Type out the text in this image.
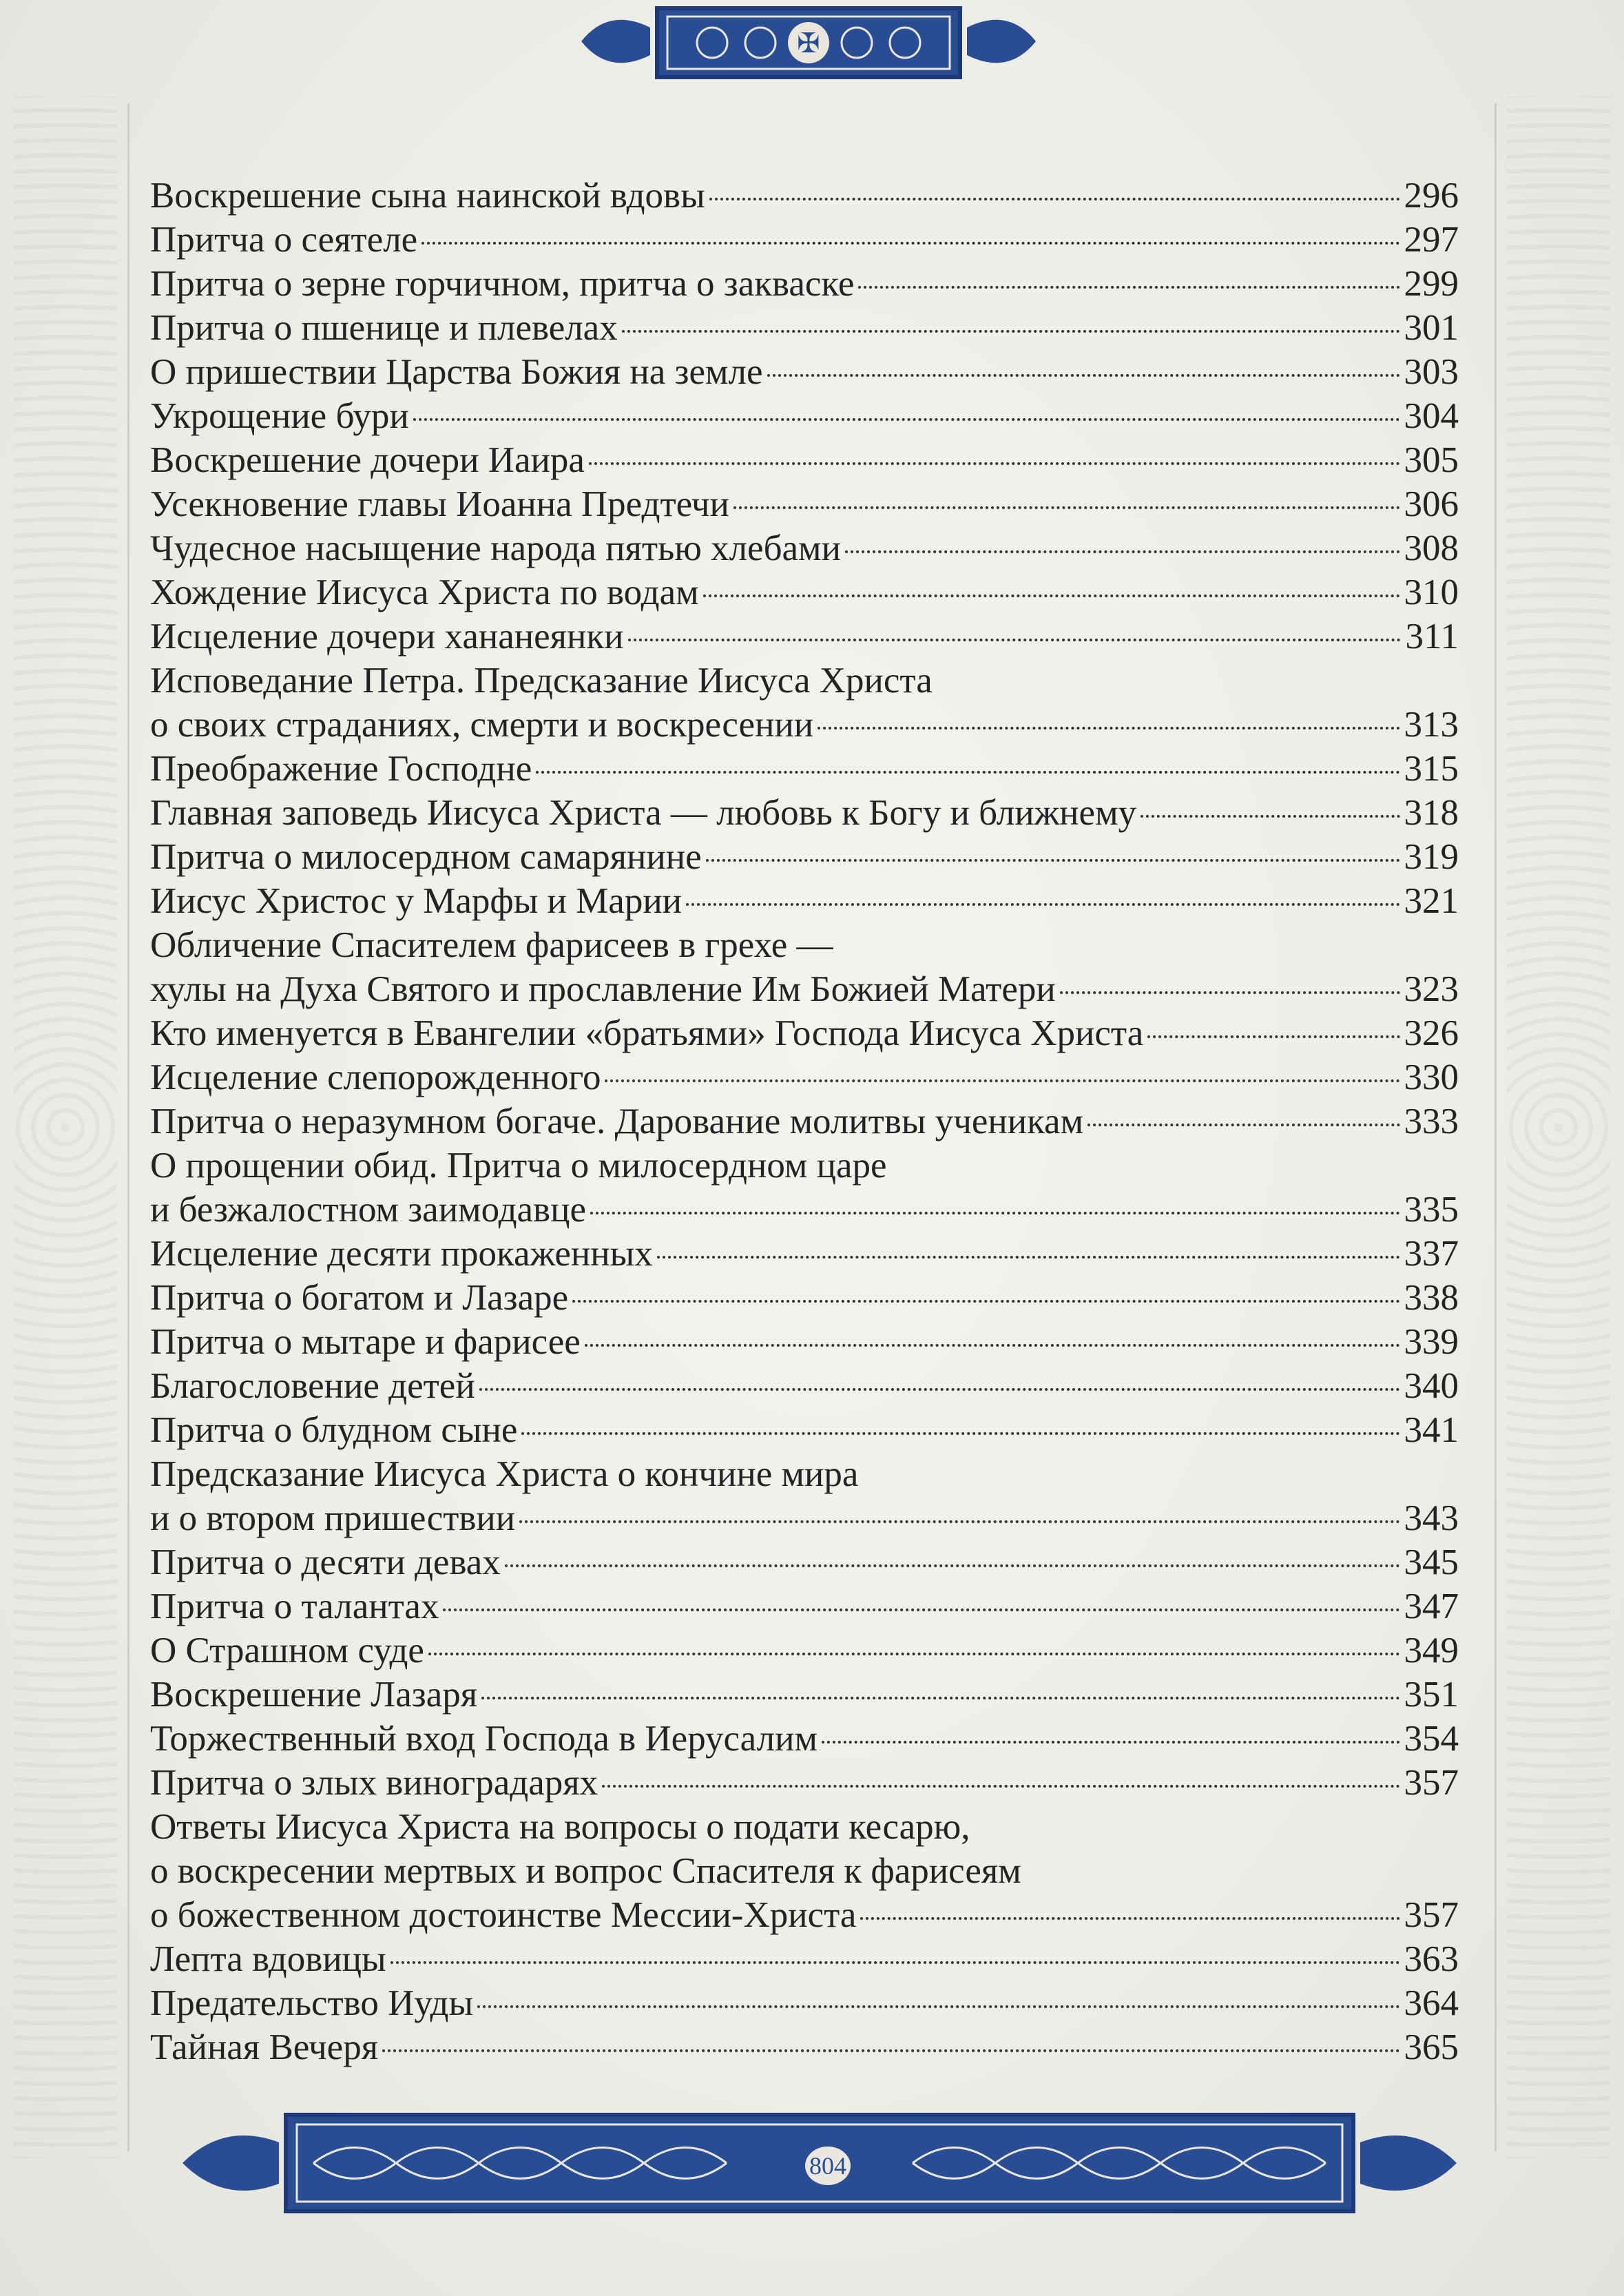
✠
Воскрешение сына наинской вдовы	296
Притча о сеятеле	297
Притча о зерне горчичном, притча о закваске	299
Притча о пшенице и плевелах	301
О пришествии Царства Божия на земле	303
Укрощение бури	304
Воскрешение дочери Иаира	305
Усекновение главы Иоанна Предтечи	306
Чудесное насыщение народа пятью хлебами	308
Хождение Иисуса Христа по водам	310
Исцеление дочери хананеянки	311
Исповедание Петра. Предсказание Иисуса Христа
о своих страданиях, смерти и воскресении	313
Преображение Господне	315
Главная заповедь Иисуса Христа — любовь к Богу и ближнему	318
Притча о милосердном самарянине	319
Иисус Христос у Марфы и Марии	321
Обличение Спасителем фарисеев в грехе —
хулы на Духа Святого и прославление Им Божией Матери	323
Кто именуется в Евангелии «братьями» Господа Иисуса Христа	326
Исцеление слепорожденного	330
Притча о неразумном богаче. Дарование молитвы ученикам	333
О прощении обид. Притча о милосердном царе
и безжалостном заимодавце	335
Исцеление десяти прокаженных	337
Притча о богатом и Лазаре	338
Притча о мытаре и фарисее	339
Благословение детей	340
Притча о блудном сыне	341
Предсказание Иисуса Христа о кончине мира
и о втором пришествии	343
Притча о десяти девах	345
Притча о талантах	347
О Страшном суде	349
Воскрешение Лазаря	351
Торжественный вход Господа в Иерусалим	354
Притча о злых виноградарях	357
Ответы Иисуса Христа на вопросы о подати кесарю,
о воскресении мертвых и вопрос Спасителя к фарисеям
о божественном достоинстве Мессии-Христа	357
Лепта вдовицы	363
Предательство Иуды	364
Тайная Вечеря	365
804
